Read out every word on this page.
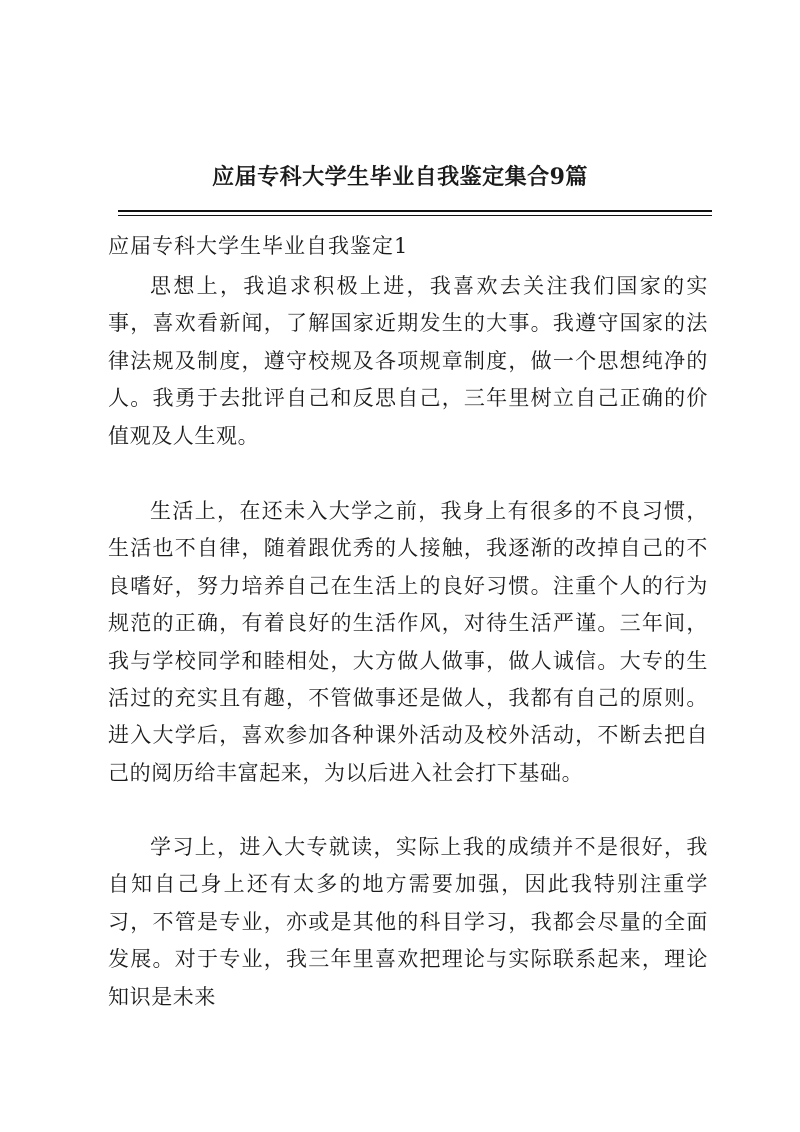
应届专科大学生毕业自我鉴定集合9篇
应届专科大学生毕业自我鉴定1

思想上，我追求积极上进，我喜欢去关注我们国家的实事，喜欢看新闻，了解国家近期发生的大事。我遵守国家的法律法规及制度，遵守校规及各项规章制度，做一个思想纯净的人。我勇于去批评自己和反思自己，三年里树立自己正确的价值观及人生观。

生活上，在还未入大学之前，我身上有很多的不良习惯，生活也不自律，随着跟优秀的人接触，我逐渐的改掉自己的不良嗜好，努力培养自己在生活上的良好习惯。注重个人的行为规范的正确，有着良好的生活作风，对待生活严谨。三年间，我与学校同学和睦相处，大方做人做事，做人诚信。大专的生活过的充实且有趣，不管做事还是做人，我都有自己的原则。进入大学后，喜欢参加各种课外活动及校外活动，不断去把自己的阅历给丰富起来，为以后进入社会打下基础。

学习上，进入大专就读，实际上我的成绩并不是很好，我自知自己身上还有太多的地方需要加强，因此我特别注重学习，不管是专业，亦或是其他的科目学习，我都会尽量的全面发展。对于专业，我三年里喜欢把理论与实际联系起来，理论知识是未来
